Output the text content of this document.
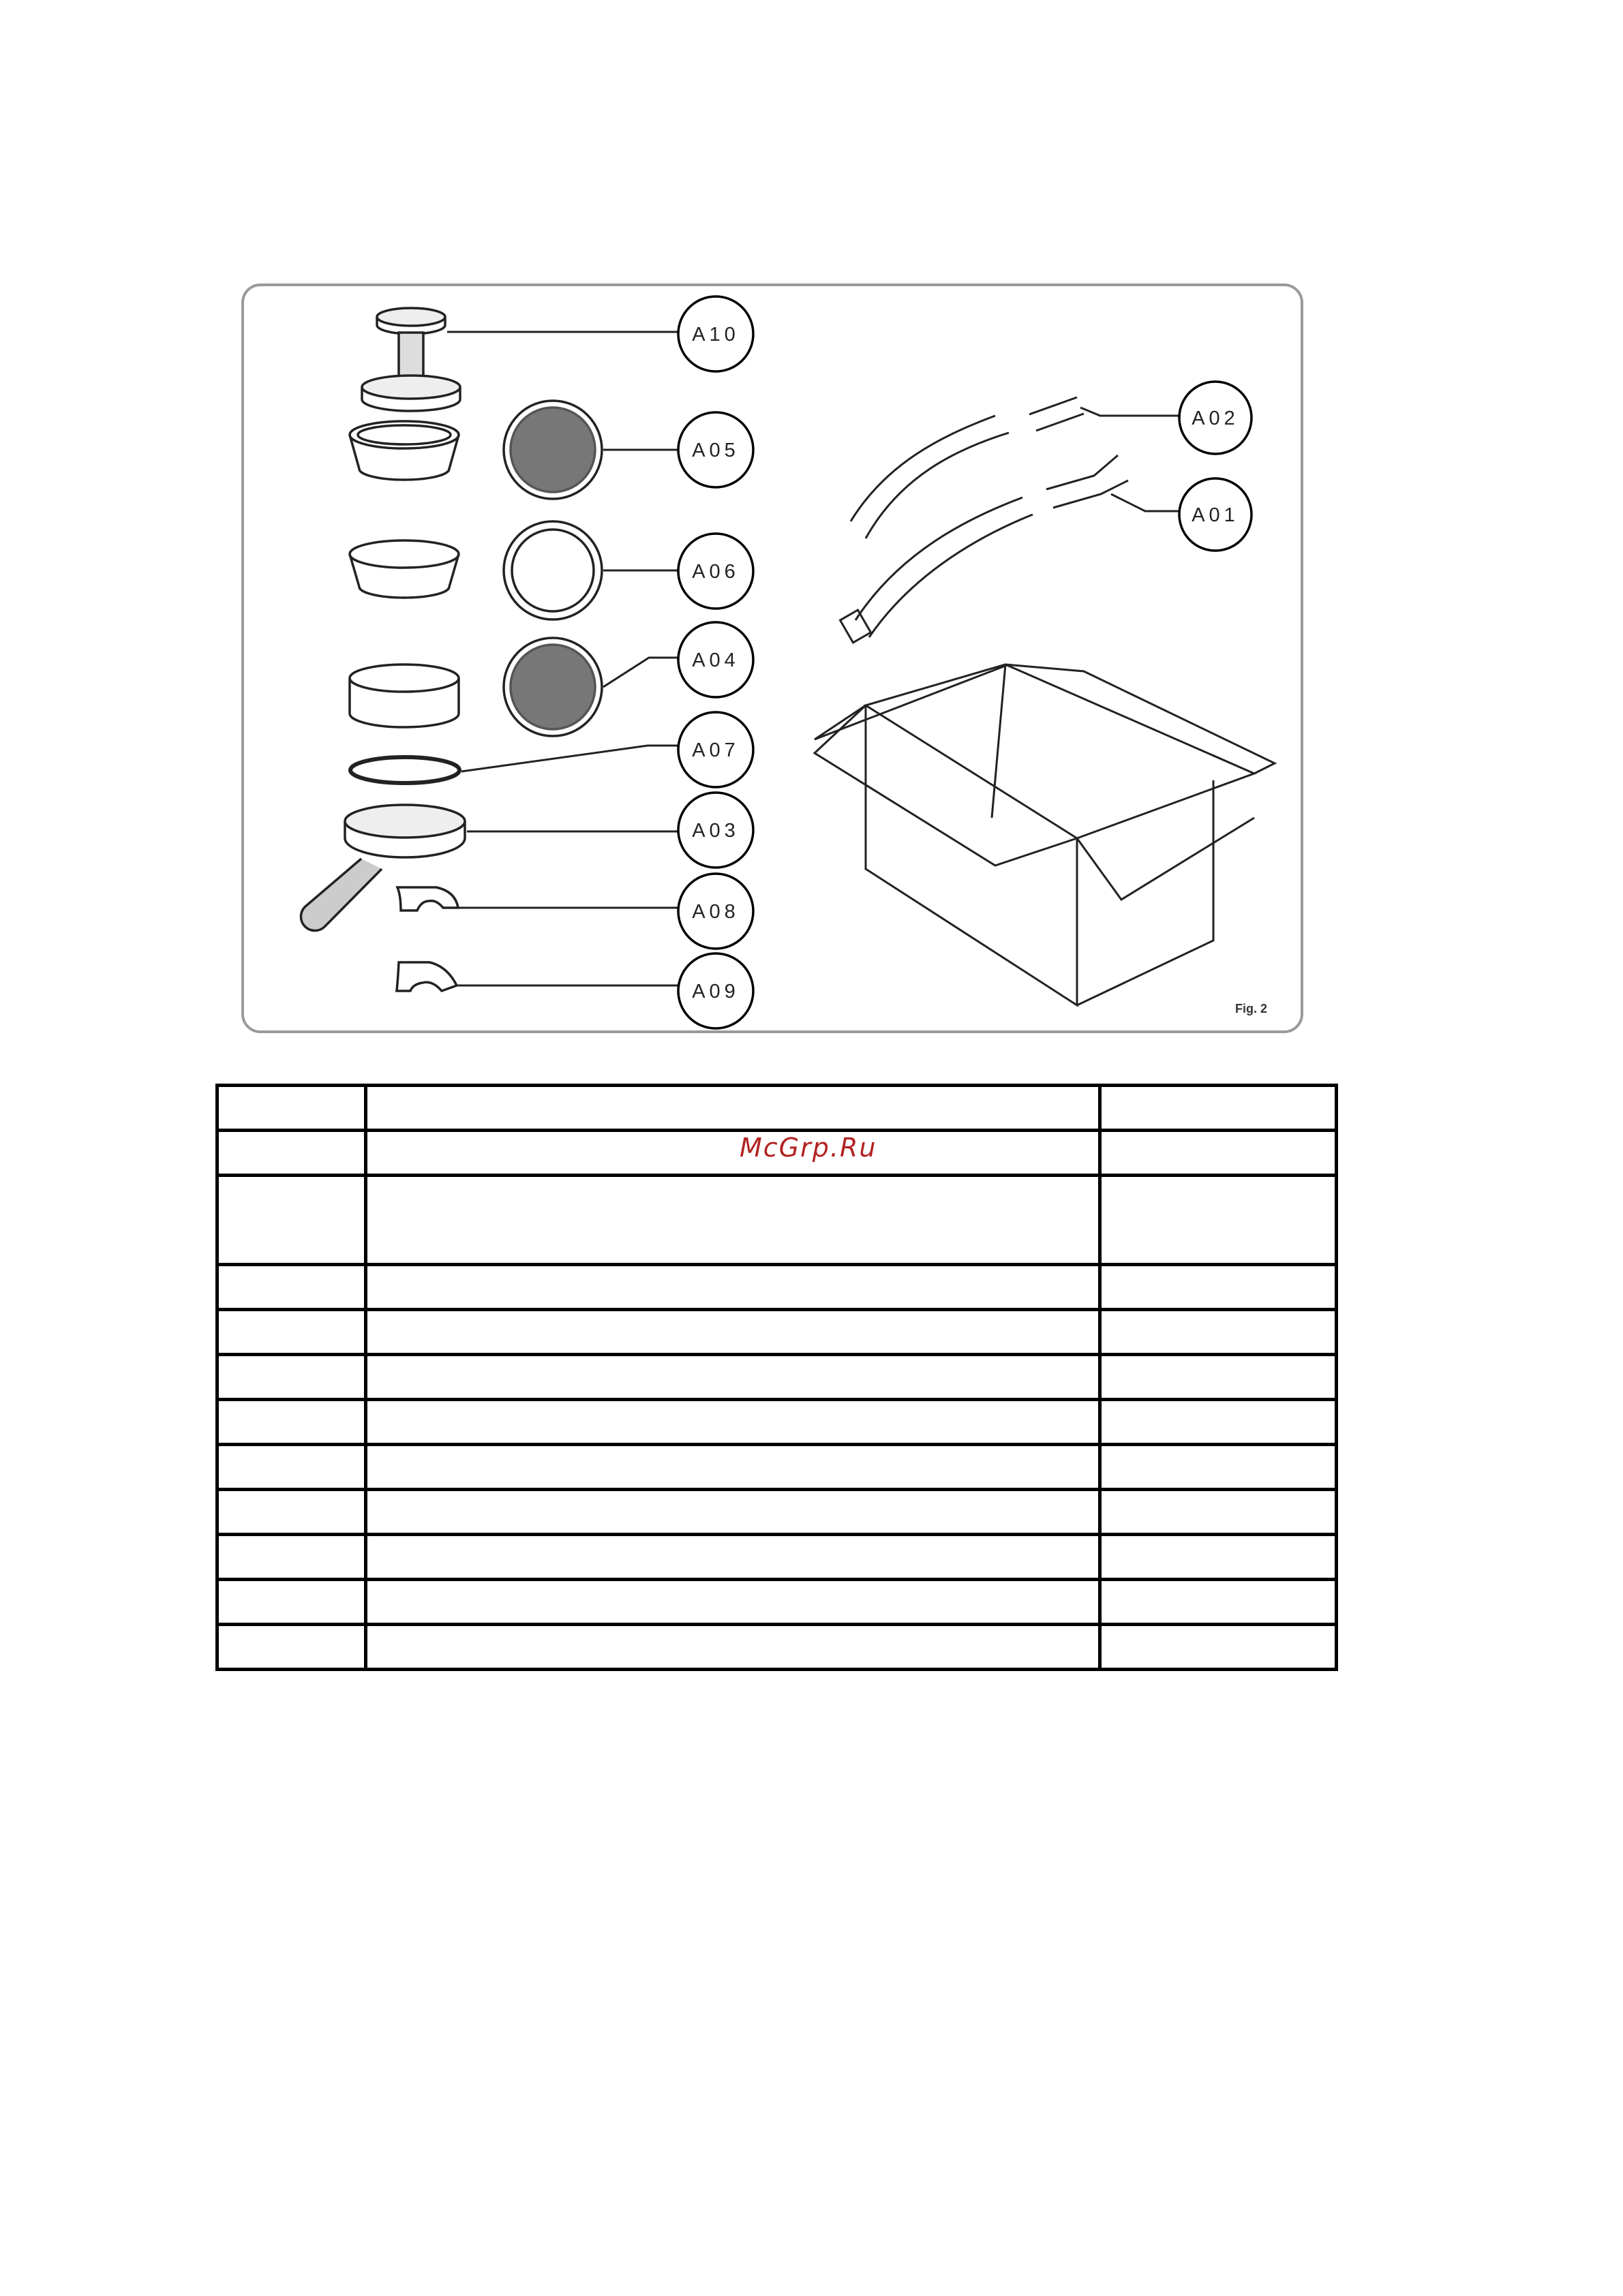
A10
A05
A06
A04
A07
A03
A08
A09
A02
A01
Fig. 2

McGrp.Ru
